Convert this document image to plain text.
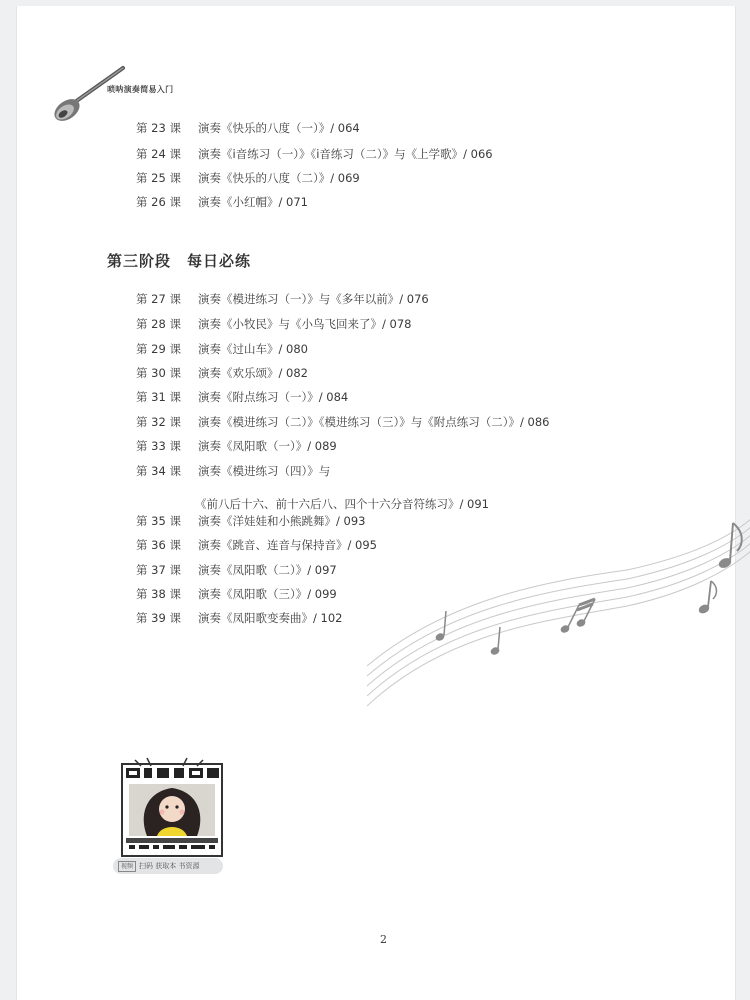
唢呐演奏简易入门
第 23 课 演奏《快乐的八度（一）》/ 064
第 24 课 演奏《i音练习（一）》《i音练习（二）》与《上学歌》/ 066
第 25 课 演奏《快乐的八度（二）》/ 069
第 26 课 演奏《小红帽》/ 071
第三阶段　每日必练
第 27 课 演奏《模进练习（一）》与《多年以前》/ 076
第 28 课 演奏《小牧民》与《小鸟飞回来了》/ 078
第 29 课 演奏《过山车》/ 080
第 30 课 演奏《欢乐颂》/ 082
第 31 课 演奏《附点练习（一）》/ 084
第 32 课 演奏《模进练习（二）》《模进练习（三）》与《附点练习（二）》/ 086
第 33 课 演奏《凤阳歌（一）》/ 089
第 34 课 演奏《模进练习（四）》与
《前八后十六、前十六后八、四个十六分音符练习》/ 091
第 35 课 演奏《洋娃娃和小熊跳舞》/ 093
第 36 课 演奏《跳音、连音与保持音》/ 095
第 37 课 演奏《凤阳歌（二）》/ 097
第 38 课 演奏《凤阳歌（三）》/ 099
第 39 课 演奏《凤阳歌变奏曲》/ 102
视频 扫码 获取本 书资源
2
